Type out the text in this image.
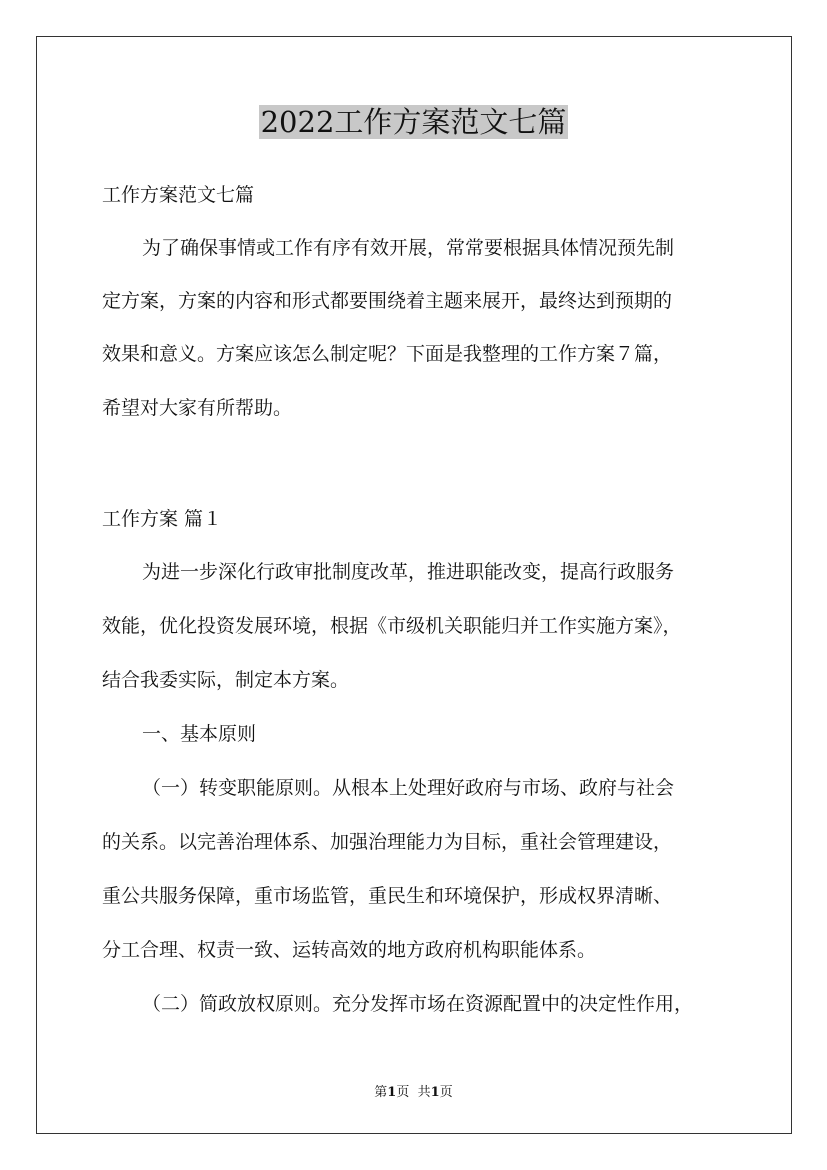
2022工作方案范文七篇
工作方案范文七篇
为了确保事情或工作有序有效开展，常常要根据具体情况预先制
定方案，方案的内容和形式都要围绕着主题来展开，最终达到预期的
效果和意义。方案应该怎么制定呢？下面是我整理的工作方案７篇，
希望对大家有所帮助。
工作方案 篇１
为进一步深化行政审批制度改革，推进职能改变，提高行政服务
效能，优化投资发展环境，根据《市级机关职能归并工作实施方案》，
结合我委实际，制定本方案。
一、基本原则
（一）转变职能原则。从根本上处理好政府与市场、政府与社会
的关系。以完善治理体系、加强治理能力为目标，重社会管理建设，
重公共服务保障，重市场监管，重民生和环境保护，形成权界清晰、
分工合理、权责一致、运转高效的地方政府机构职能体系。
（二）简政放权原则。充分发挥市场在资源配置中的决定性作用，
第1页 共1页
